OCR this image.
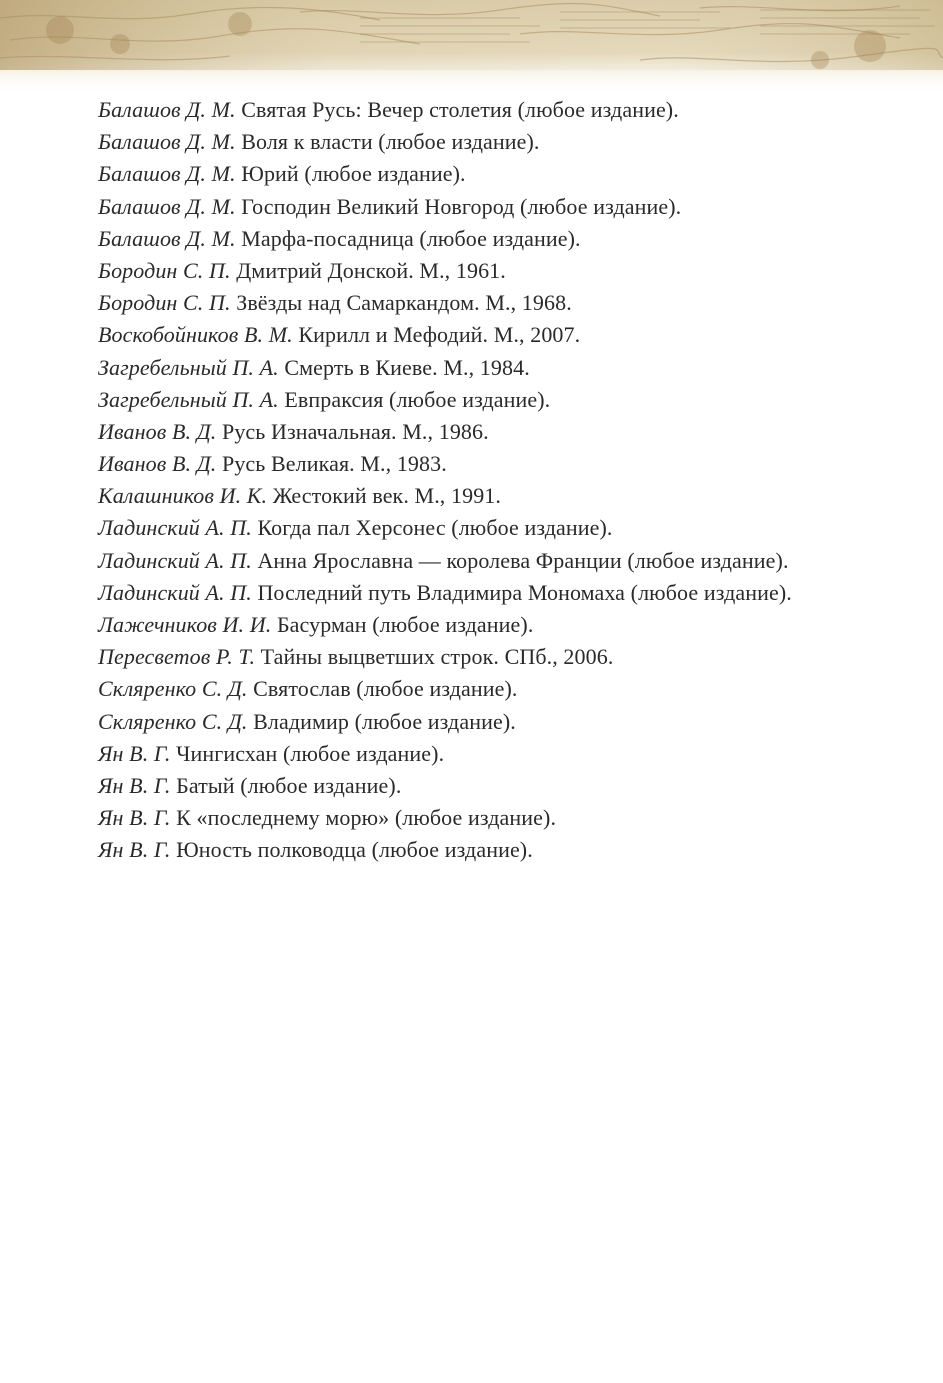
Балашов Д. М. Святая Русь: Вечер столетия (любое издание).
Балашов Д. М. Воля к власти (любое издание).
Балашов Д. М. Юрий (любое издание).
Балашов Д. М. Господин Великий Новгород (любое издание).
Балашов Д. М. Марфа-посадница (любое издание).
Бородин С. П. Дмитрий Донской. М., 1961.
Бородин С. П. Звёзды над Самаркандом. М., 1968.
Воскобойников В. М. Кирилл и Мефодий. М., 2007.
Загребельный П. А. Смерть в Киеве. М., 1984.
Загребельный П. А. Евпраксия (любое издание).
Иванов В. Д. Русь Изначальная. М., 1986.
Иванов В. Д. Русь Великая. М., 1983.
Калашников И. К. Жестокий век. М., 1991.
Ладинский А. П. Когда пал Херсонес (любое издание).
Ладинский А. П. Анна Ярославна — королева Франции (любое издание).
Ладинский А. П. Последний путь Владимира Мономаха (любое издание).
Лажечников И. И. Басурман (любое издание).
Пересветов Р. Т. Тайны выцветших строк. СПб., 2006.
Скляренко С. Д. Святослав (любое издание).
Скляренко С. Д. Владимир (любое издание).
Ян В. Г. Чингисхан (любое издание).
Ян В. Г. Батый (любое издание).
Ян В. Г. К «последнему морю» (любое издание).
Ян В. Г. Юность полководца (любое издание).
